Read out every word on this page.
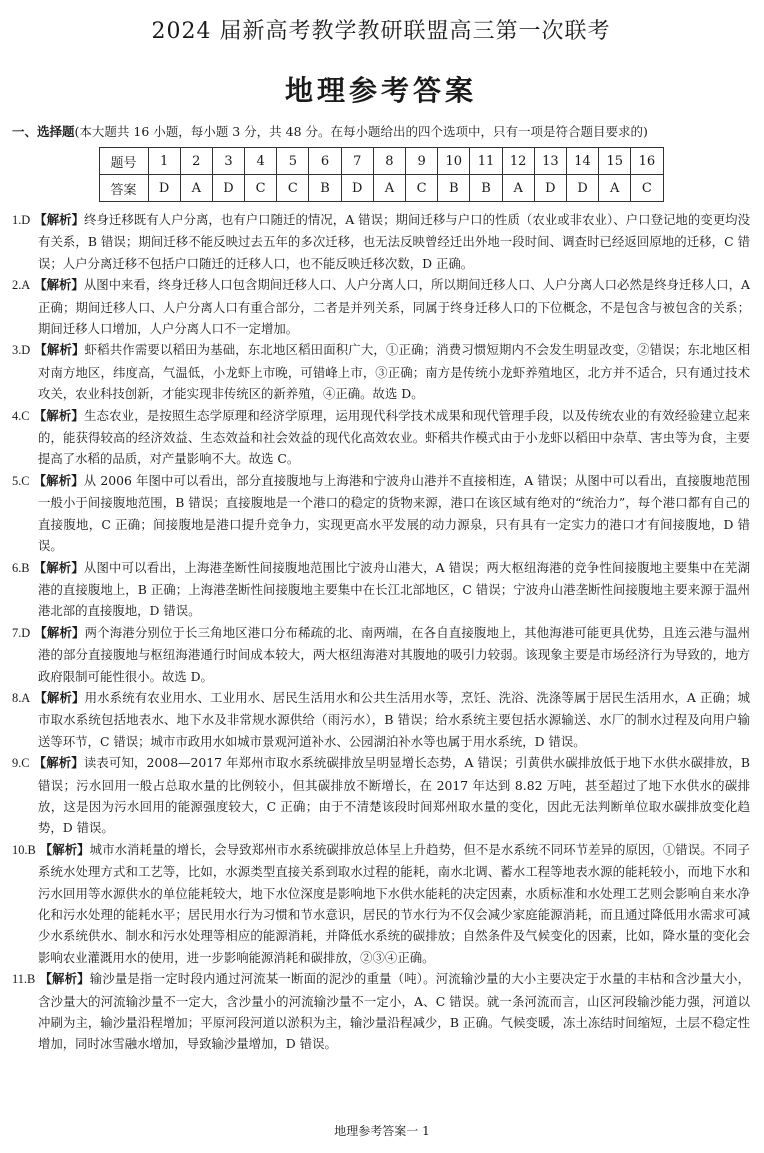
2024 届新高考教学教研联盟高三第一次联考
地理参考答案
一、选择题(本大题共 16 小题，每小题 3 分，共 48 分。在每小题给出的四个选项中，只有一项是符合题目要求的)
题号	1	2	3	4	5	6	7	8	9	10	11	12	13	14	15	16
答案	D	A	D	C	C	B	D	A	C	B	B	A	D	D	A	C
1.D 【解析】终身迁移既有人户分离，也有户口随迁的情况，A 错误；期间迁移与户口的性质（农业或非农业）、户口登记地的变更均没有关系，B 错误；期间迁移不能反映过去五年的多次迁移，也无法反映曾经迁出外地一段时间、调查时已经返回原地的迁移，C 错误；人户分离迁移不包括户口随迁的迁移人口，也不能反映迁移次数，D 正确。
2.A 【解析】从图中来看，终身迁移人口包含期间迁移人口、人户分离人口，所以期间迁移人口、人户分离人口必然是终身迁移人口，A 正确；期间迁移人口、人户分离人口有重合部分，二者是并列关系，同属于终身迁移人口的下位概念，不是包含与被包含的关系；期间迁移人口增加，人户分离人口不一定增加。
3.D 【解析】虾稻共作需要以稻田为基础，东北地区稻田面积广大，①正确；消费习惯短期内不会发生明显改变，②错误；东北地区相对南方地区，纬度高，气温低，小龙虾上市晚，可错峰上市，③正确；南方是传统小龙虾养殖地区，北方并不适合，只有通过技术攻关，农业科技创新，才能实现非传统区的新养殖，④正确。故选 D。
4.C 【解析】生态农业，是按照生态学原理和经济学原理，运用现代科学技术成果和现代管理手段，以及传统农业的有效经验建立起来的，能获得较高的经济效益、生态效益和社会效益的现代化高效农业。虾稻共作模式由于小龙虾以稻田中杂草、害虫等为食，主要提高了水稻的品质，对产量影响不大。故选 C。
5.C 【解析】从 2006 年图中可以看出，部分直接腹地与上海港和宁波舟山港并不直接相连，A 错误；从图中可以看出，直接腹地范围一般小于间接腹地范围，B 错误；直接腹地是一个港口的稳定的货物来源，港口在该区域有绝对的“统治力”，每个港口都有自己的直接腹地，C 正确；间接腹地是港口提升竞争力，实现更高水平发展的动力源泉，只有具有一定实力的港口才有间接腹地，D 错误。
6.B 【解析】从图中可以看出，上海港垄断性间接腹地范围比宁波舟山港大，A 错误；两大枢纽海港的竞争性间接腹地主要集中在芜湖港的直接腹地上，B 正确；上海港垄断性间接腹地主要集中在长江北部地区，C 错误；宁波舟山港垄断性间接腹地主要来源于温州港北部的直接腹地，D 错误。
7.D 【解析】两个海港分别位于长三角地区港口分布稀疏的北、南两端，在各自直接腹地上，其他海港可能更具优势，且连云港与温州港的部分直接腹地与枢纽海港通行时间成本较大，两大枢纽海港对其腹地的吸引力较弱。该现象主要是市场经济行为导致的，地方政府限制可能性很小。故选 D。
8.A 【解析】用水系统有农业用水、工业用水、居民生活用水和公共生活用水等，烹饪、洗浴、洗涤等属于居民生活用水，A 正确；城市取水系统包括地表水、地下水及非常规水源供给（雨污水），B 错误；给水系统主要包括水源输送、水厂的制水过程及向用户输送等环节，C 错误；城市市政用水如城市景观河道补水、公园湖泊补水等也属于用水系统，D 错误。
9.C 【解析】读表可知，2008—2017 年郑州市取水系统碳排放呈明显增长态势，A 错误；引黄供水碳排放低于地下水供水碳排放，B 错误；污水回用一般占总取水量的比例较小，但其碳排放不断增长，在 2017 年达到 8.82 万吨，甚至超过了地下水供水的碳排放，这是因为污水回用的能源强度较大，C 正确；由于不清楚该段时间郑州取水量的变化，因此无法判断单位取水碳排放变化趋势，D 错误。
10.B 【解析】城市水消耗量的增长，会导致郑州市水系统碳排放总体呈上升趋势，但不是水系统不同环节差异的原因，①错误。不同子系统水处理方式和工艺等，比如，水源类型直接关系到取水过程的能耗，南水北调、蓄水工程等地表水源的能耗较小，而地下水和污水回用等水源供水的单位能耗较大，地下水位深度是影响地下水供水能耗的决定因素，水质标准和水处理工艺则会影响自来水净化和污水处理的能耗水平；居民用水行为习惯和节水意识，居民的节水行为不仅会减少家庭能源消耗，而且通过降低用水需求可减少水系统供水、制水和污水处理等相应的能源消耗，并降低水系统的碳排放；自然条件及气候变化的因素，比如，降水量的变化会影响农业灌溉用水的使用，进一步影响能源消耗和碳排放，②③④正确。
11.B 【解析】输沙量是指一定时段内通过河流某一断面的泥沙的重量（吨）。河流输沙量的大小主要决定于水量的丰枯和含沙量大小，含沙量大的河流输沙量不一定大，含沙量小的河流输沙量不一定小，A、C 错误。就一条河流而言，山区河段输沙能力强，河道以冲刷为主，输沙量沿程增加；平原河段河道以淤积为主，输沙量沿程减少，B 正确。气候变暖，冻土冻结时间缩短，土层不稳定性增加，同时冰雪融水增加，导致输沙量增加，D 错误。
地理参考答案一 1
